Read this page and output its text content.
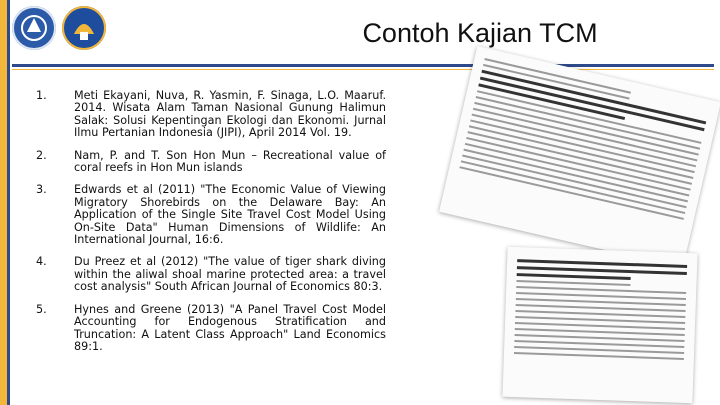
Contoh Kajian TCM
1.	Meti Ekayani, Nuva, R. Yasmin, F. Sinaga, L.O. Maaruf. 2014. Wisata Alam Taman Nasional Gunung Halimun Salak: Solusi Kepentingan Ekologi dan Ekonomi. Jurnal Ilmu Pertanian Indonesia (JIPI), April 2014 Vol. 19.
2.	Nam, P. and T. Son Hon Mun – Recreational value of coral reefs in Hon Mun islands
3.	Edwards et al (2011) "The Economic Value of Viewing Migratory Shorebirds on the Delaware Bay: An Application of the Single Site Travel Cost Model Using On-Site Data" Human Dimensions of Wildlife: An International Journal, 16:6.
4.	Du Preez et al (2012) "The value of tiger shark diving within the aliwal shoal marine protected area: a travel cost analysis" South African Journal of Economics 80:3.
5.	Hynes and Greene (2013) "A Panel Travel Cost Model Accounting for Endogenous Stratification and Truncation: A Latent Class Approach" Land Economics 89:1.
